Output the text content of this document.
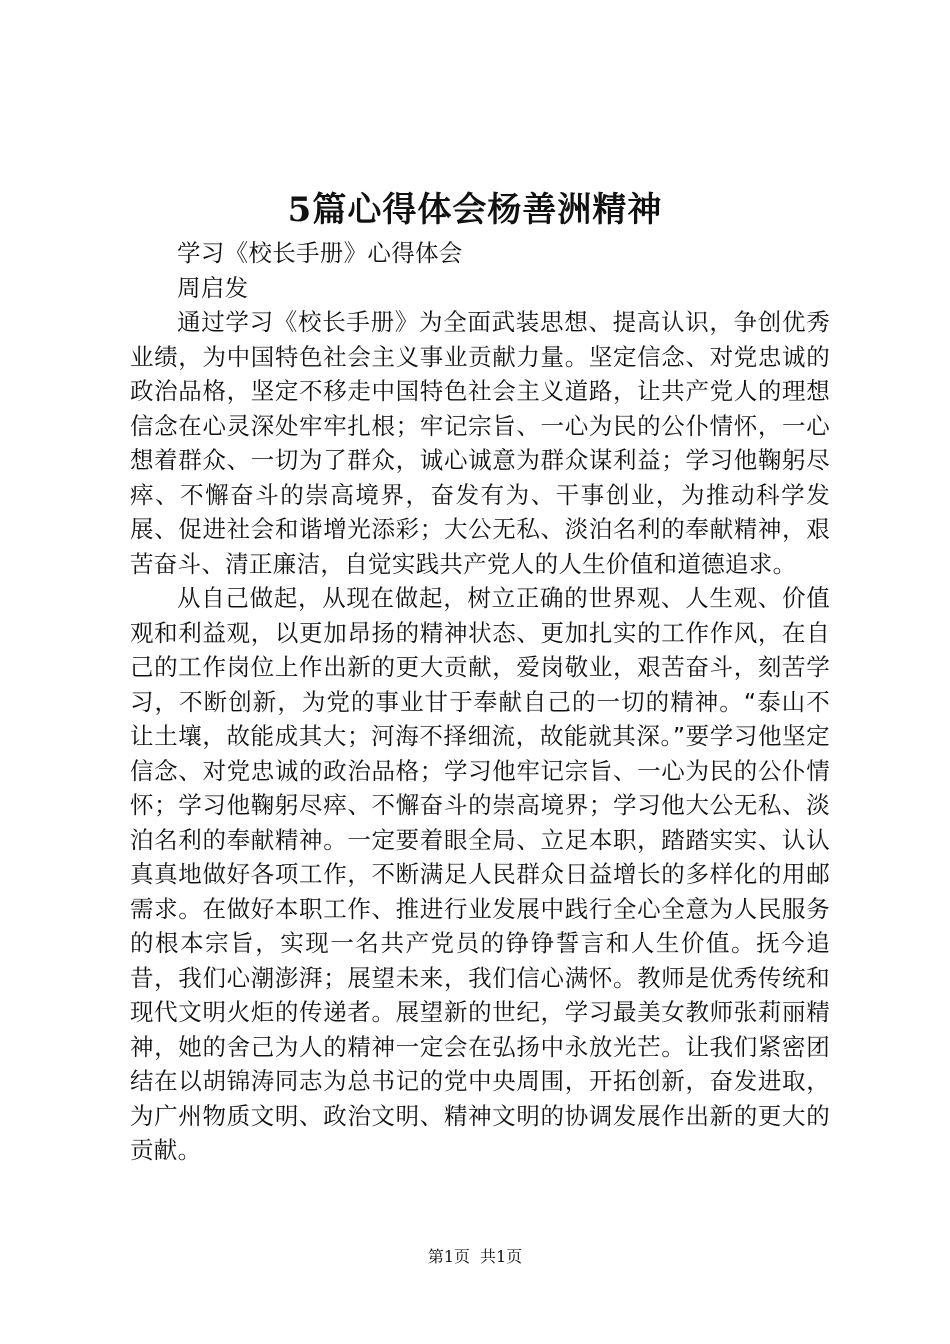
5篇心得体会杨善洲精神

学习《校长手册》心得体会

周启发

通过学习《校长手册》为全面武装思想、提高认识，争创优秀业绩，为中国特色社会主义事业贡献力量。坚定信念、对党忠诚的政治品格，坚定不移走中国特色社会主义道路，让共产党人的理想信念在心灵深处牢牢扎根；牢记宗旨、一心为民的公仆情怀，一心想着群众、一切为了群众，诚心诚意为群众谋利益；学习他鞠躬尽瘁、不懈奋斗的崇高境界，奋发有为、干事创业，为推动科学发展、促进社会和谐增光添彩；大公无私、淡泊名利的奉献精神，艰苦奋斗、清正廉洁，自觉实践共产党人的人生价值和道德追求。

从自己做起，从现在做起，树立正确的世界观、人生观、价值观和利益观，以更加昂扬的精神状态、更加扎实的工作作风，在自己的工作岗位上作出新的更大贡献，爱岗敬业，艰苦奋斗，刻苦学习，不断创新，为党的事业甘于奉献自己的一切的精神。“泰山不让土壤，故能成其大；河海不择细流，故能就其深。”要学习他坚定信念、对党忠诚的政治品格；学习他牢记宗旨、一心为民的公仆情怀；学习他鞠躬尽瘁、不懈奋斗的崇高境界；学习他大公无私、淡泊名利的奉献精神。一定要着眼全局、立足本职，踏踏实实、认认真真地做好各项工作，不断满足人民群众日益增长的多样化的用邮需求。在做好本职工作、推进行业发展中践行全心全意为人民服务的根本宗旨，实现一名共产党员的铮铮誓言和人生价值。抚今追昔，我们心潮澎湃；展望未来，我们信心满怀。教师是优秀传统和现代文明火炬的传递者。展望新的世纪，学习最美女教师张莉丽精神，她的舍己为人的精神一定会在弘扬中永放光芒。让我们紧密团结在以胡锦涛同志为总书记的党中央周围，开拓创新，奋发进取，为广州物质文明、政治文明、精神文明的协调发展作出新的更大的贡献。

第1页 共1页
